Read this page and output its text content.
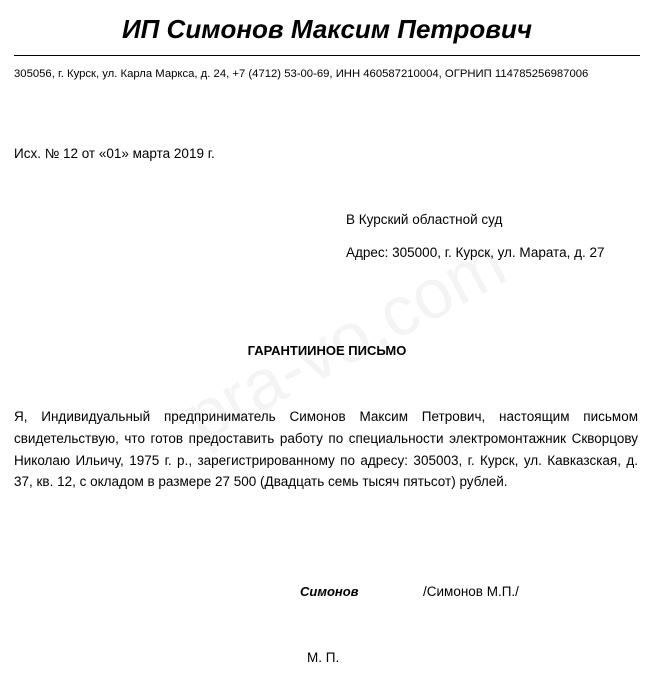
ИП Симонов Максим Петрович
305056, г. Курск, ул. Карла Маркса, д. 24, +7 (4712) 53-00-69, ИНН 460587210004, ОГРНИП 114785256987006
Исх. № 12 от «01» марта 2019 г.
В Курский областной суд
Адрес: 305000, г. Курск, ул. Марата, д. 27
ГАРАНТИИНОЕ ПИСЬМО
Я, Индивидуальный предприниматель Симонов Максим Петрович, настоящим письмом свидетельствую, что готов предоставить работу по специальности электромонтажник Скворцову Николаю Ильичу, 1975 г. р., зарегистрированному по адресу: 305003, г. Курск, ул. Кавказская, д. 37, кв. 12, с окладом в размере 27 500 (Двадцать семь тысяч пятьсот) рублей.
Симонов	/Симонов М.П./
М. П.
